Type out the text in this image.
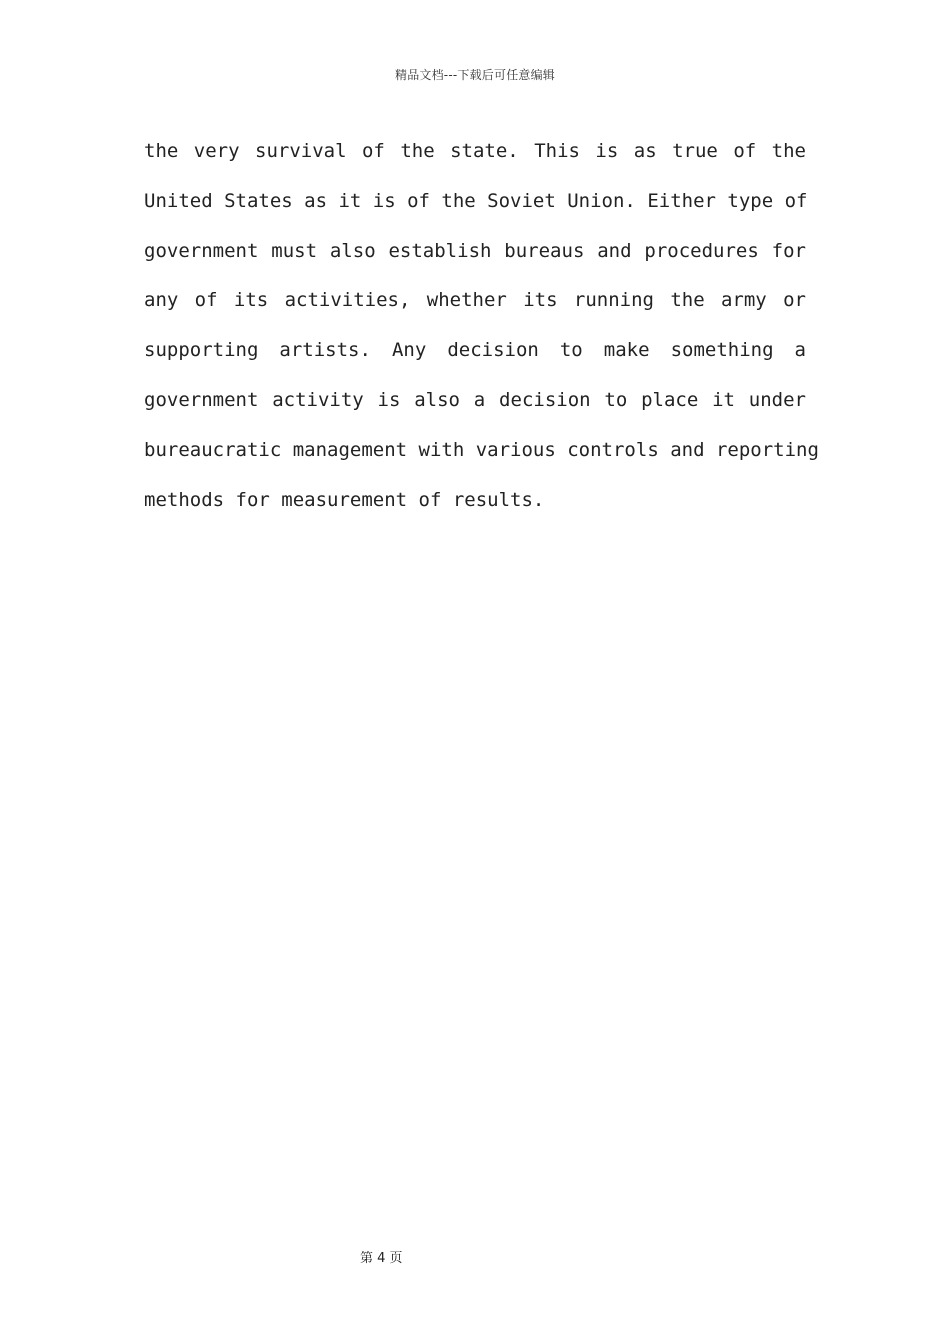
精品文档---下载后可任意编辑
the very survival of the state. This is as true of the
United States as it is of the Soviet Union. Either type of
government must also establish bureaus and procedures for
any of its activities, whether its running the army or
supporting artists. Any decision to make something a
government activity is also a decision to place it under
bureaucratic management with various controls and reporting
methods for measurement of results.
第 4 页
